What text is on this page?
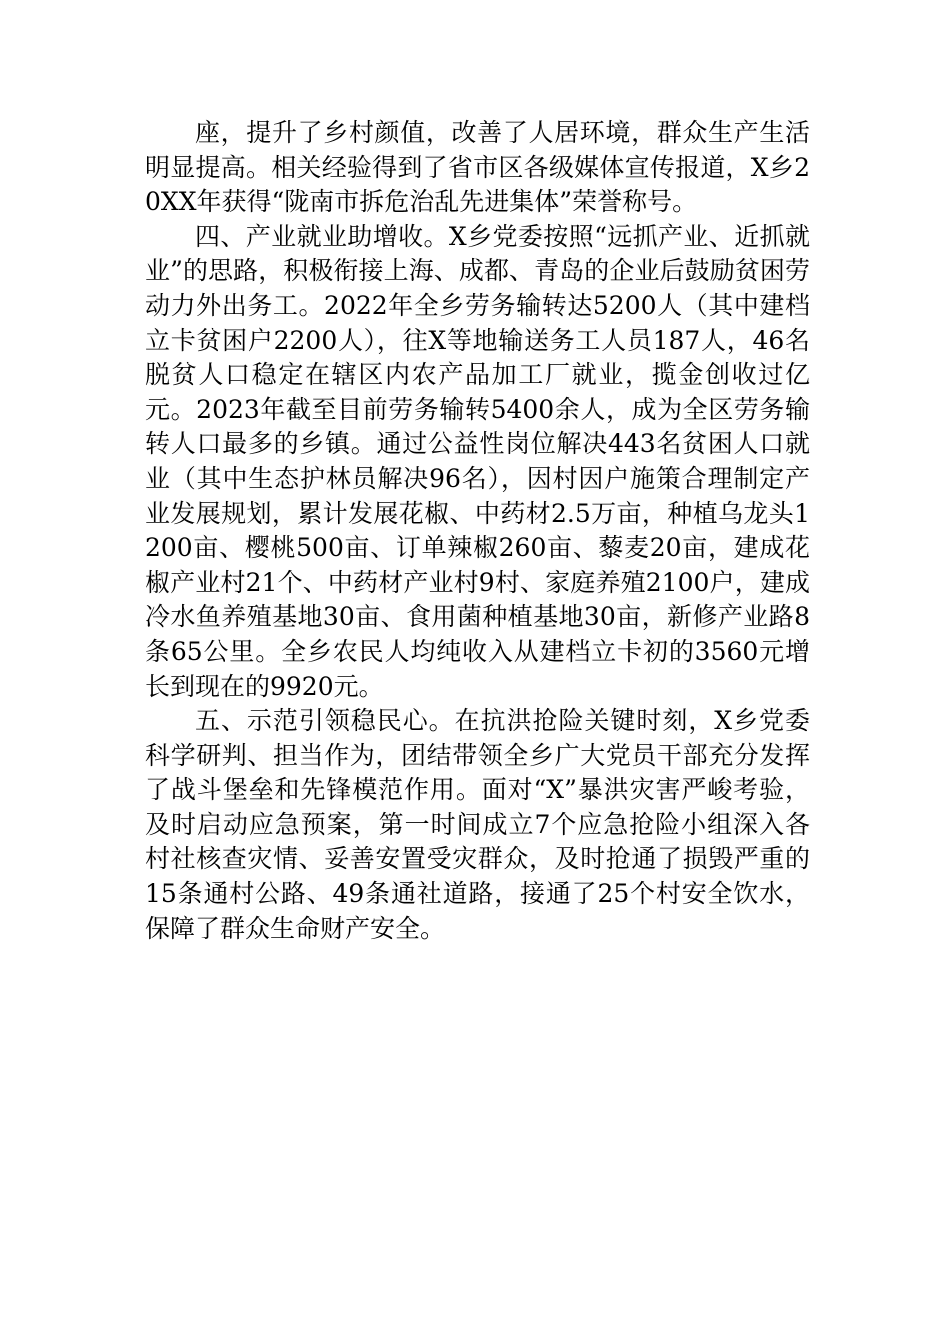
座，提升了乡村颜值，改善了人居环境，群众生产生活明显提高。相关经验得到了省市区各级媒体宣传报道，X乡20XX年获得“陇南市拆危治乱先进集体”荣誉称号。

四、产业就业助增收。X乡党委按照“远抓产业、近抓就业”的思路，积极衔接上海、成都、青岛的企业后鼓励贫困劳动力外出务工。2022年全乡劳务输转达5200人（其中建档立卡贫困户2200人），往X等地输送务工人员187人，46名脱贫人口稳定在辖区内农产品加工厂就业，揽金创收过亿元。2023年截至目前劳务输转5400余人，成为全区劳务输转人口最多的乡镇。通过公益性岗位解决443名贫困人口就业（其中生态护林员解决96名），因村因户施策合理制定产业发展规划，累计发展花椒、中药材2.5万亩，种植乌龙头1200亩、樱桃500亩、订单辣椒260亩、藜麦20亩，建成花椒产业村21个、中药材产业村9村、家庭养殖2100户，建成冷水鱼养殖基地30亩、食用菌种植基地30亩，新修产业路8条65公里。全乡农民人均纯收入从建档立卡初的3560元增长到现在的9920元。

五、示范引领稳民心。在抗洪抢险关键时刻，X乡党委科学研判、担当作为，团结带领全乡广大党员干部充分发挥了战斗堡垒和先锋模范作用。面对“X”暴洪灾害严峻考验，及时启动应急预案，第一时间成立7个应急抢险小组深入各村社核查灾情、妥善安置受灾群众，及时抢通了损毁严重的15条通村公路、49条通社道路，接通了25个村安全饮水，保障了群众生命财产安全。
